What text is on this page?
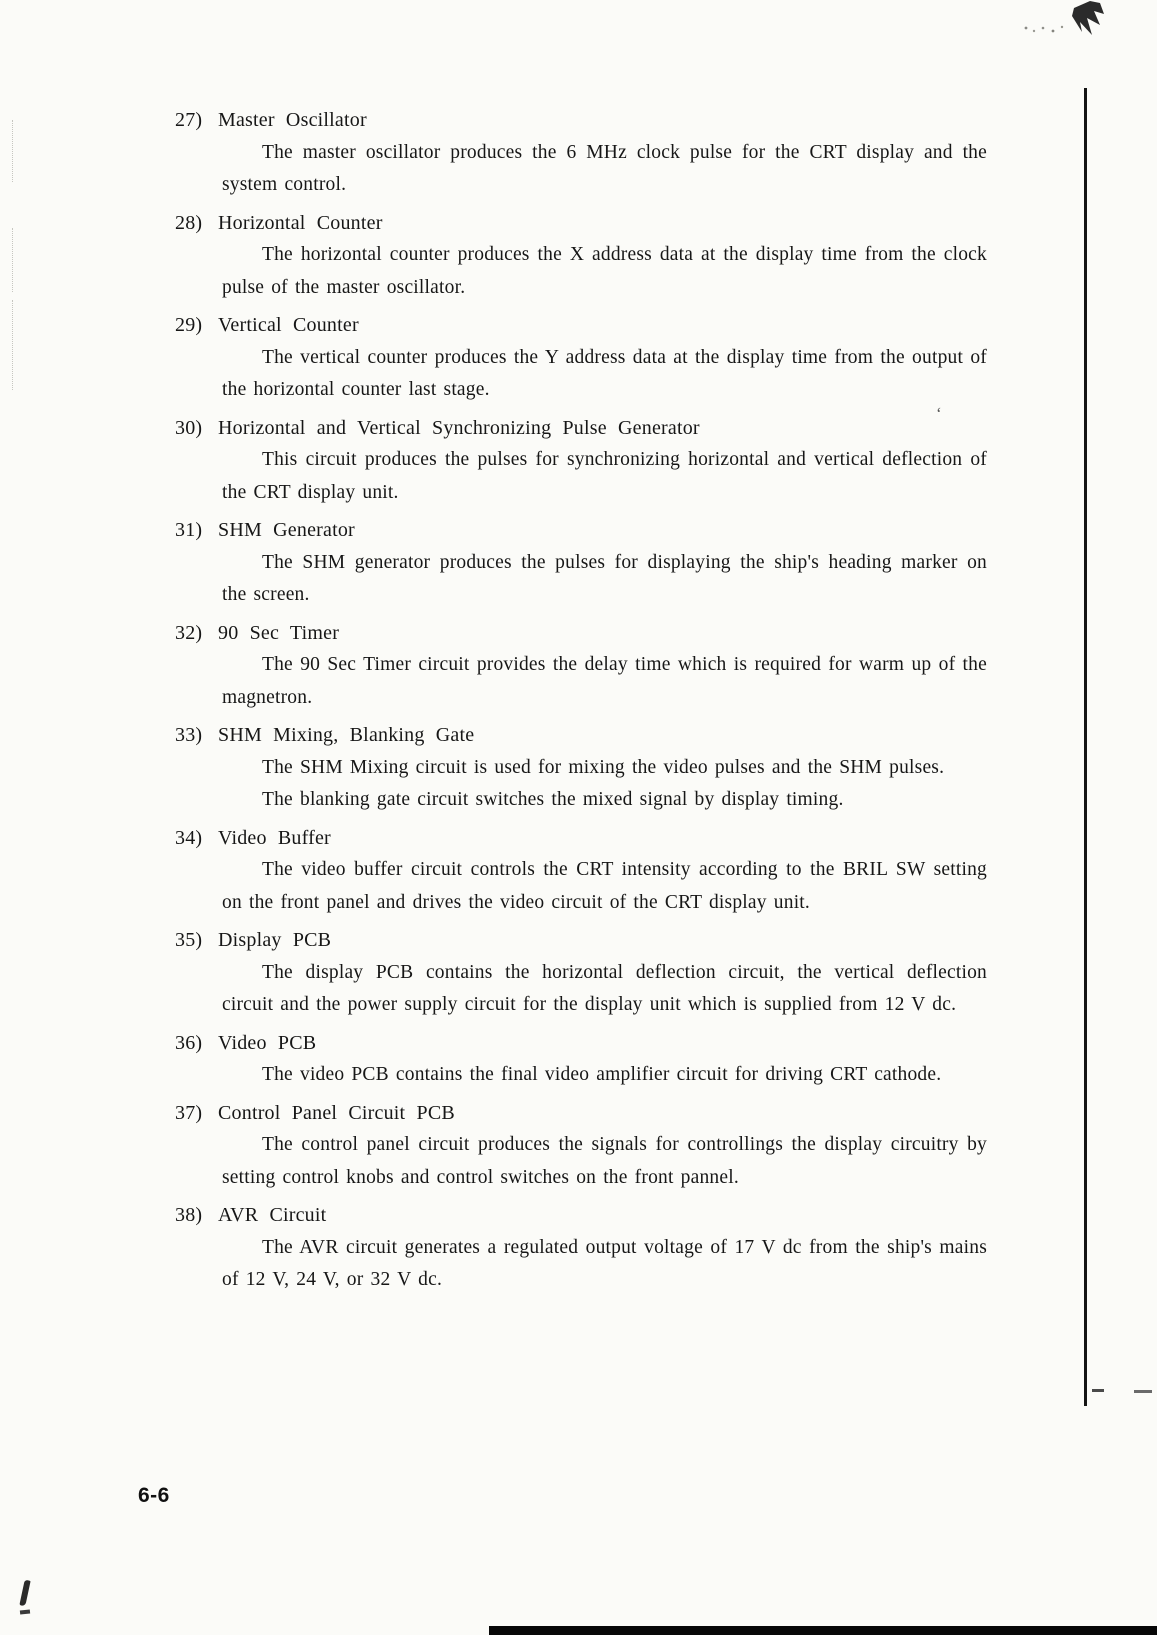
27) Master Oscillator

The master oscillator produces the 6 MHz clock pulse for the CRT display and the system control.

28) Horizontal Counter

The horizontal counter produces the X address data at the display time from the clock pulse of the master oscillator.

29) Vertical Counter

The vertical counter produces the Y address data at the display time from the output of the horizontal counter last stage.

30) Horizontal and Vertical Synchronizing Pulse Generator

This circuit produces the pulses for synchronizing horizontal and vertical deflection of the CRT display unit.

31) SHM Generator

The SHM generator produces the pulses for displaying the ship's heading marker on the screen.

32) 90 Sec Timer

The 90 Sec Timer circuit provides the delay time which is required for warm up of the magnetron.

33) SHM Mixing, Blanking Gate

The SHM Mixing circuit is used for mixing the video pulses and the SHM pulses.

The blanking gate circuit switches the mixed signal by display timing.

34) Video Buffer

The video buffer circuit controls the CRT intensity according to the BRIL SW setting on the front panel and drives the video circuit of the CRT display unit.

35) Display PCB

The display PCB contains the horizontal deflection circuit, the vertical deflection circuit and the power supply circuit for the display unit which is supplied from 12 V dc.

36) Video PCB

The video PCB contains the final video amplifier circuit for driving CRT cathode.

37) Control Panel Circuit PCB

The control panel circuit produces the signals for controllings the display circuitry by setting control knobs and control switches on the front pannel.

38) AVR Circuit

The AVR circuit generates a regulated output voltage of 17 V dc from the ship's mains of 12 V, 24 V, or 32 V dc.

‘
6-6
